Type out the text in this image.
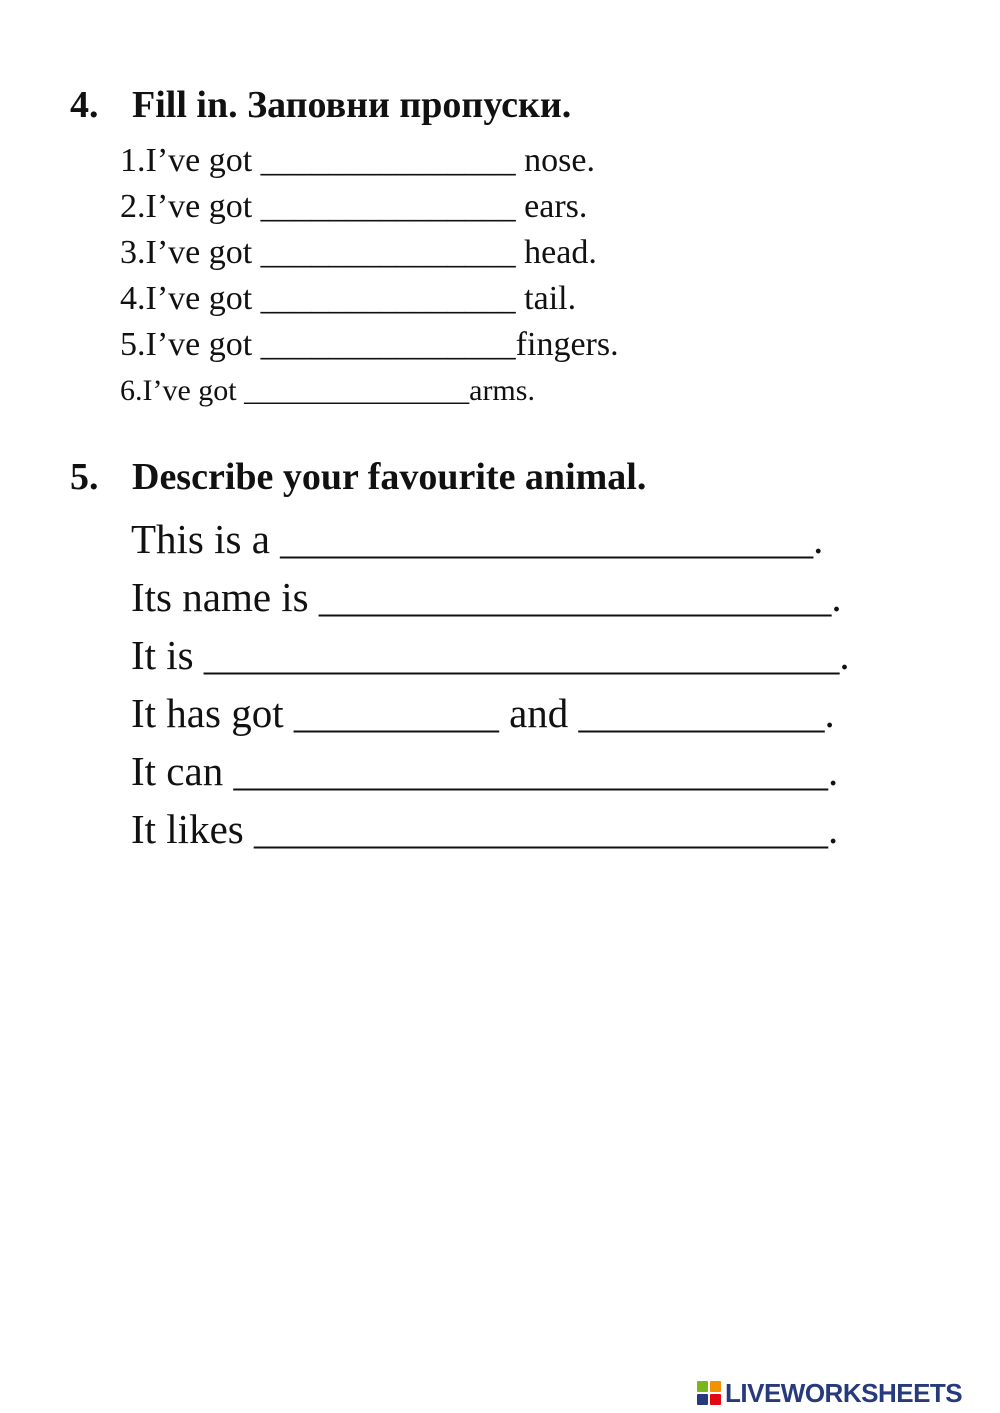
4. Fill in. Заповни пропуски.
1.I’ve got _______________ nose.
2.I’ve got _______________ ears.
3.I’ve got _______________ head.
4.I’ve got _______________ tail.
5.I’ve got _______________fingers.
6.I’ve got _______________arms.
5. Describe your favourite animal.
This is a __________________________.
Its name is _________________________.
It is _______________________________.
It has got __________ and ____________.
It can _____________________________.
It likes ____________________________.
LIVEWORKSHEETS
